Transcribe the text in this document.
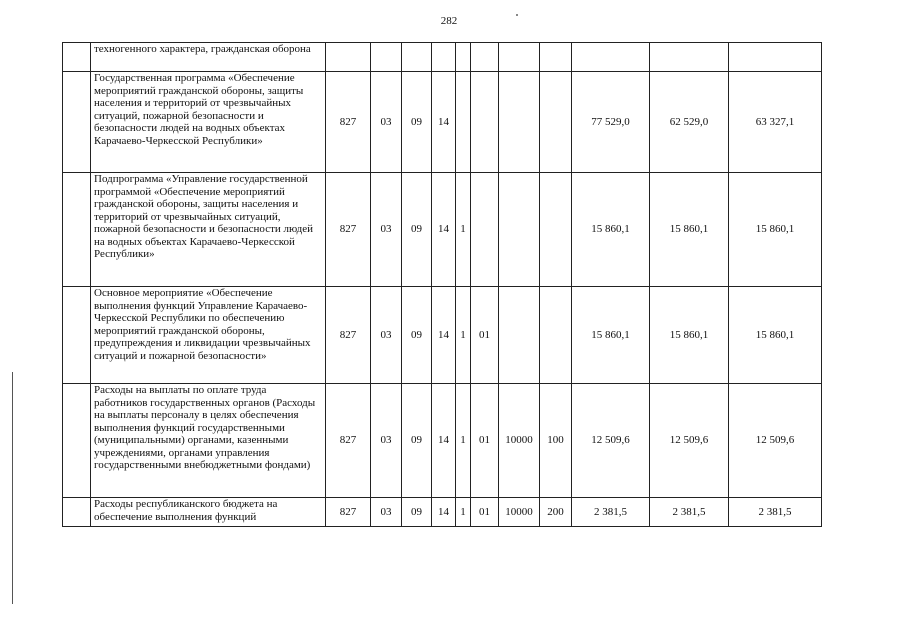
282
	техногенного характера, гражданская оборона											
	Государственная программа «Обеспечение мероприятий гражданской обороны, защиты населения и территорий от чрезвычайных ситуаций, пожарной безопасности и безопасности людей на водных объектах Карачаево-Черкесской Республики»	827	03	09	14					77 529,0	62 529,0	63 327,1
	Подпрограмма «Управление государственной программой «Обеспечение мероприятий гражданской обороны, защиты населения и территорий от чрезвычайных ситуаций, пожарной безопасности и безопасности людей на водных объектах Карачаево-Черкесской Республики»	827	03	09	14	1				15 860,1	15 860,1	15 860,1
	Основное мероприятие «Обеспечение выполнения функций Управление Карачаево-Черкесской Республики по обеспечению мероприятий гражданской обороны, предупреждения и ликвидации чрезвычайных ситуаций и пожарной безопасности»	827	03	09	14	1	01			15 860,1	15 860,1	15 860,1
	Расходы на выплаты по оплате труда работников государственных органов (Расходы на выплаты персоналу в целях обеспечения выполнения функций государственными (муниципальными) органами, казенными учреждениями, органами управления государственными внебюджетными фондами)	827	03	09	14	1	01	10000	100	12 509,6	12 509,6	12 509,6
	Расходы республиканского бюджета на обеспечение выполнения функций	827	03	09	14	1	01	10000	200	2 381,5	2 381,5	2 381,5
